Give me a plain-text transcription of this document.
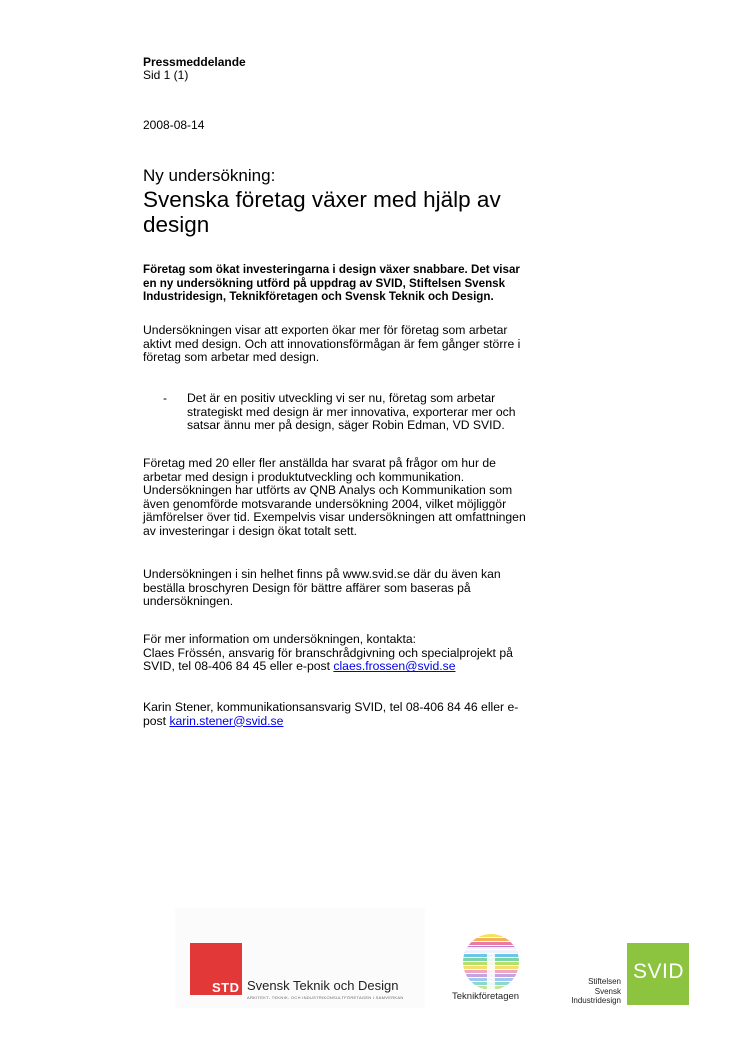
Pressmeddelande
Sid 1 (1)
2008-08-14
Ny undersökning:
Svenska företag växer med hjälp av
design
Företag som ökat investeringarna i design växer snabbare. Det visar
en ny undersökning utförd på uppdrag av SVID, Stiftelsen Svensk
Industridesign, Teknikföretagen och Svensk Teknik och Design.
Undersökningen visar att exporten ökar mer för företag som arbetar
aktivt med design. Och att innovationsförmågan är fem gånger större i
företag som arbetar med design.
- Det är en positiv utveckling vi ser nu, företag som arbetar
strategiskt med design är mer innovativa, exporterar mer och
satsar ännu mer på design, säger Robin Edman, VD SVID.
Företag med 20 eller fler anställda har svarat på frågor om hur de
arbetar med design i produktutveckling och kommunikation.
Undersökningen har utförts av QNB Analys och Kommunikation som
även genomförde motsvarande undersökning 2004, vilket möjliggör
jämförelser över tid. Exempelvis visar undersökningen att omfattningen
av investeringar i design ökat totalt sett.
Undersökningen i sin helhet finns på www.svid.se där du även kan
beställa broschyren Design för bättre affärer som baseras på
undersökningen.
För mer information om undersökningen, kontakta:
Claes Frössén, ansvarig för branschrådgivning och specialprojekt på
SVID, tel 08-406 84 45 eller e-post claes.frossen@svid.se
Karin Stener, kommunikationsansvarig SVID, tel 08-406 84 46 eller e-
post karin.stener@svid.se
STD Svensk Teknik och Design
ARKITEKT- TEKNIK- OCH INDUSTRIKONSULTFÖRETAGEN I SAMVERKAN	Teknikföretagen
Stiftelsen
Svensk
Industridesign
SVID
